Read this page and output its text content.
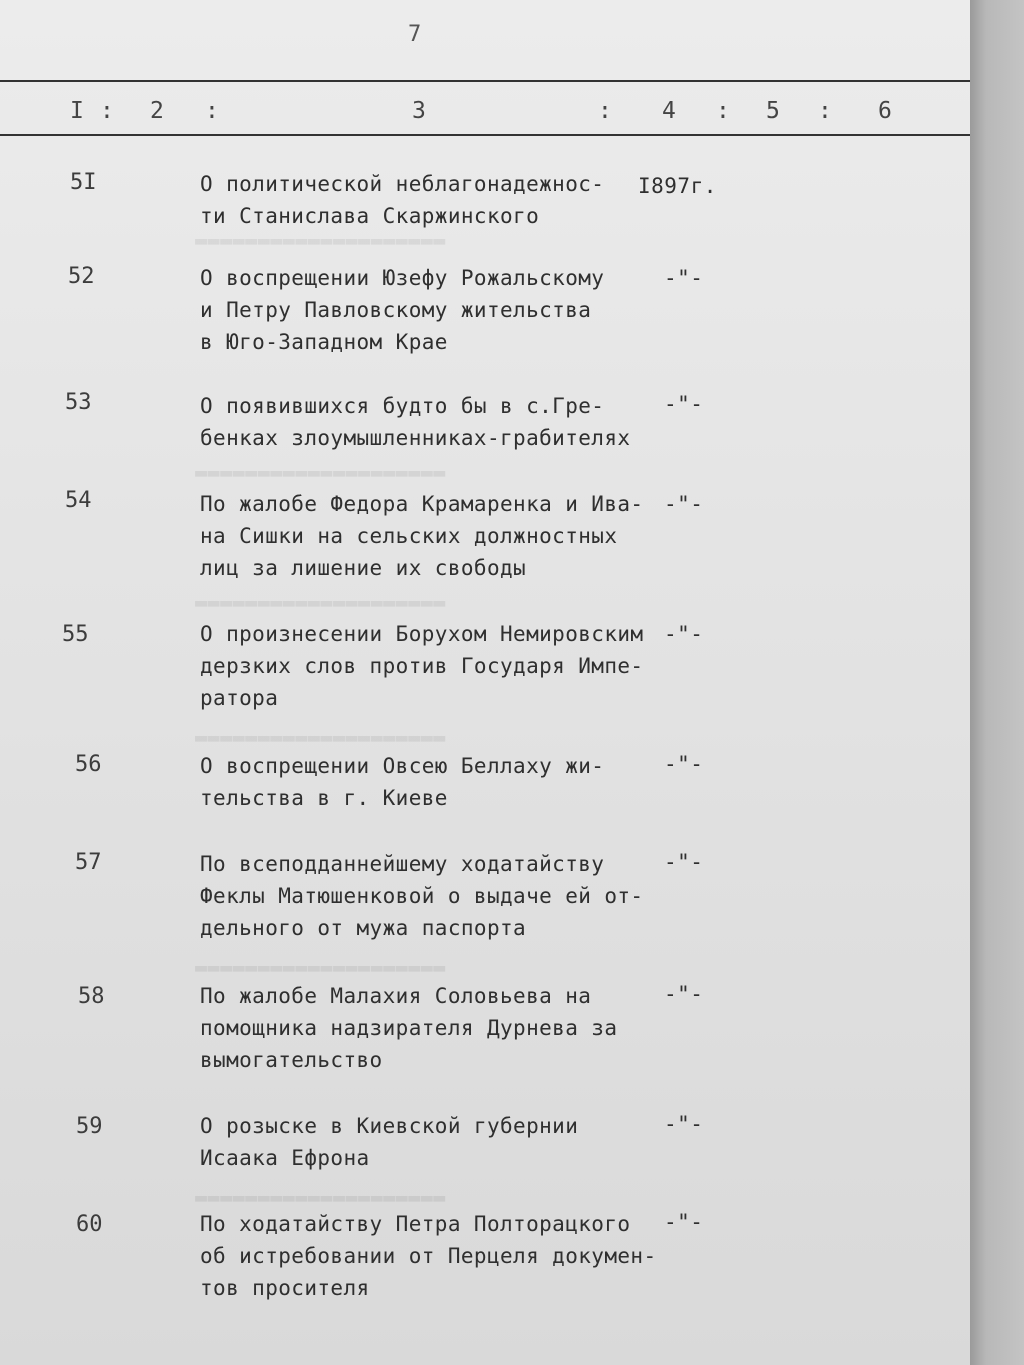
▬▬▬▬▬▬▬▬▬▬▬▬▬▬▬▬▬▬▬▬
▬▬▬▬▬▬▬▬▬▬▬▬▬▬▬▬▬▬▬▬
▬▬▬▬▬▬▬▬▬▬▬▬▬▬▬▬▬▬▬▬
▬▬▬▬▬▬▬▬▬▬▬▬▬▬▬▬▬▬▬▬
▬▬▬▬▬▬▬▬▬▬▬▬▬▬▬▬▬▬▬▬
▬▬▬▬▬▬▬▬▬▬▬▬▬▬▬▬▬▬▬▬
7
I : 2 :	3	: 4 : 5 : 6
5I	О политической неблагонадежнос-
ти Станислава Скаржинского
I897г.
52	О воспрещении Юзефу Рожальскому
и Петру Павловскому жительства
в Юго-Западном Крае
-"-
53	О появившихся будто бы в с.Гре-
бенках злоумышленниках-грабителях
-"-
54	По жалобе Федора Крамаренка и Ива-
на Сишки на сельских должностных
лиц за лишение их свободы
-"-
55	О произнесении Борухом Немировским
дерзких слов против Государя Импе-
ратора
-"-
56	О воспрещении Овсею Беллаху жи-
тельства в г. Киеве
-"-
57	По всеподданнейшему ходатайству
Феклы Матюшенковой о выдаче ей от-
дельного от мужа паспорта
-"-
58	По жалобе Малахия Соловьева на
помощника надзирателя Дурнева за
вымогательство
-"-
59	О розыске в Киевской губернии
Исаака Ефрона
-"-
60	По ходатайству Петра Полторацкого
об истребовании от Перцеля докумен-
тов просителя
-"-
